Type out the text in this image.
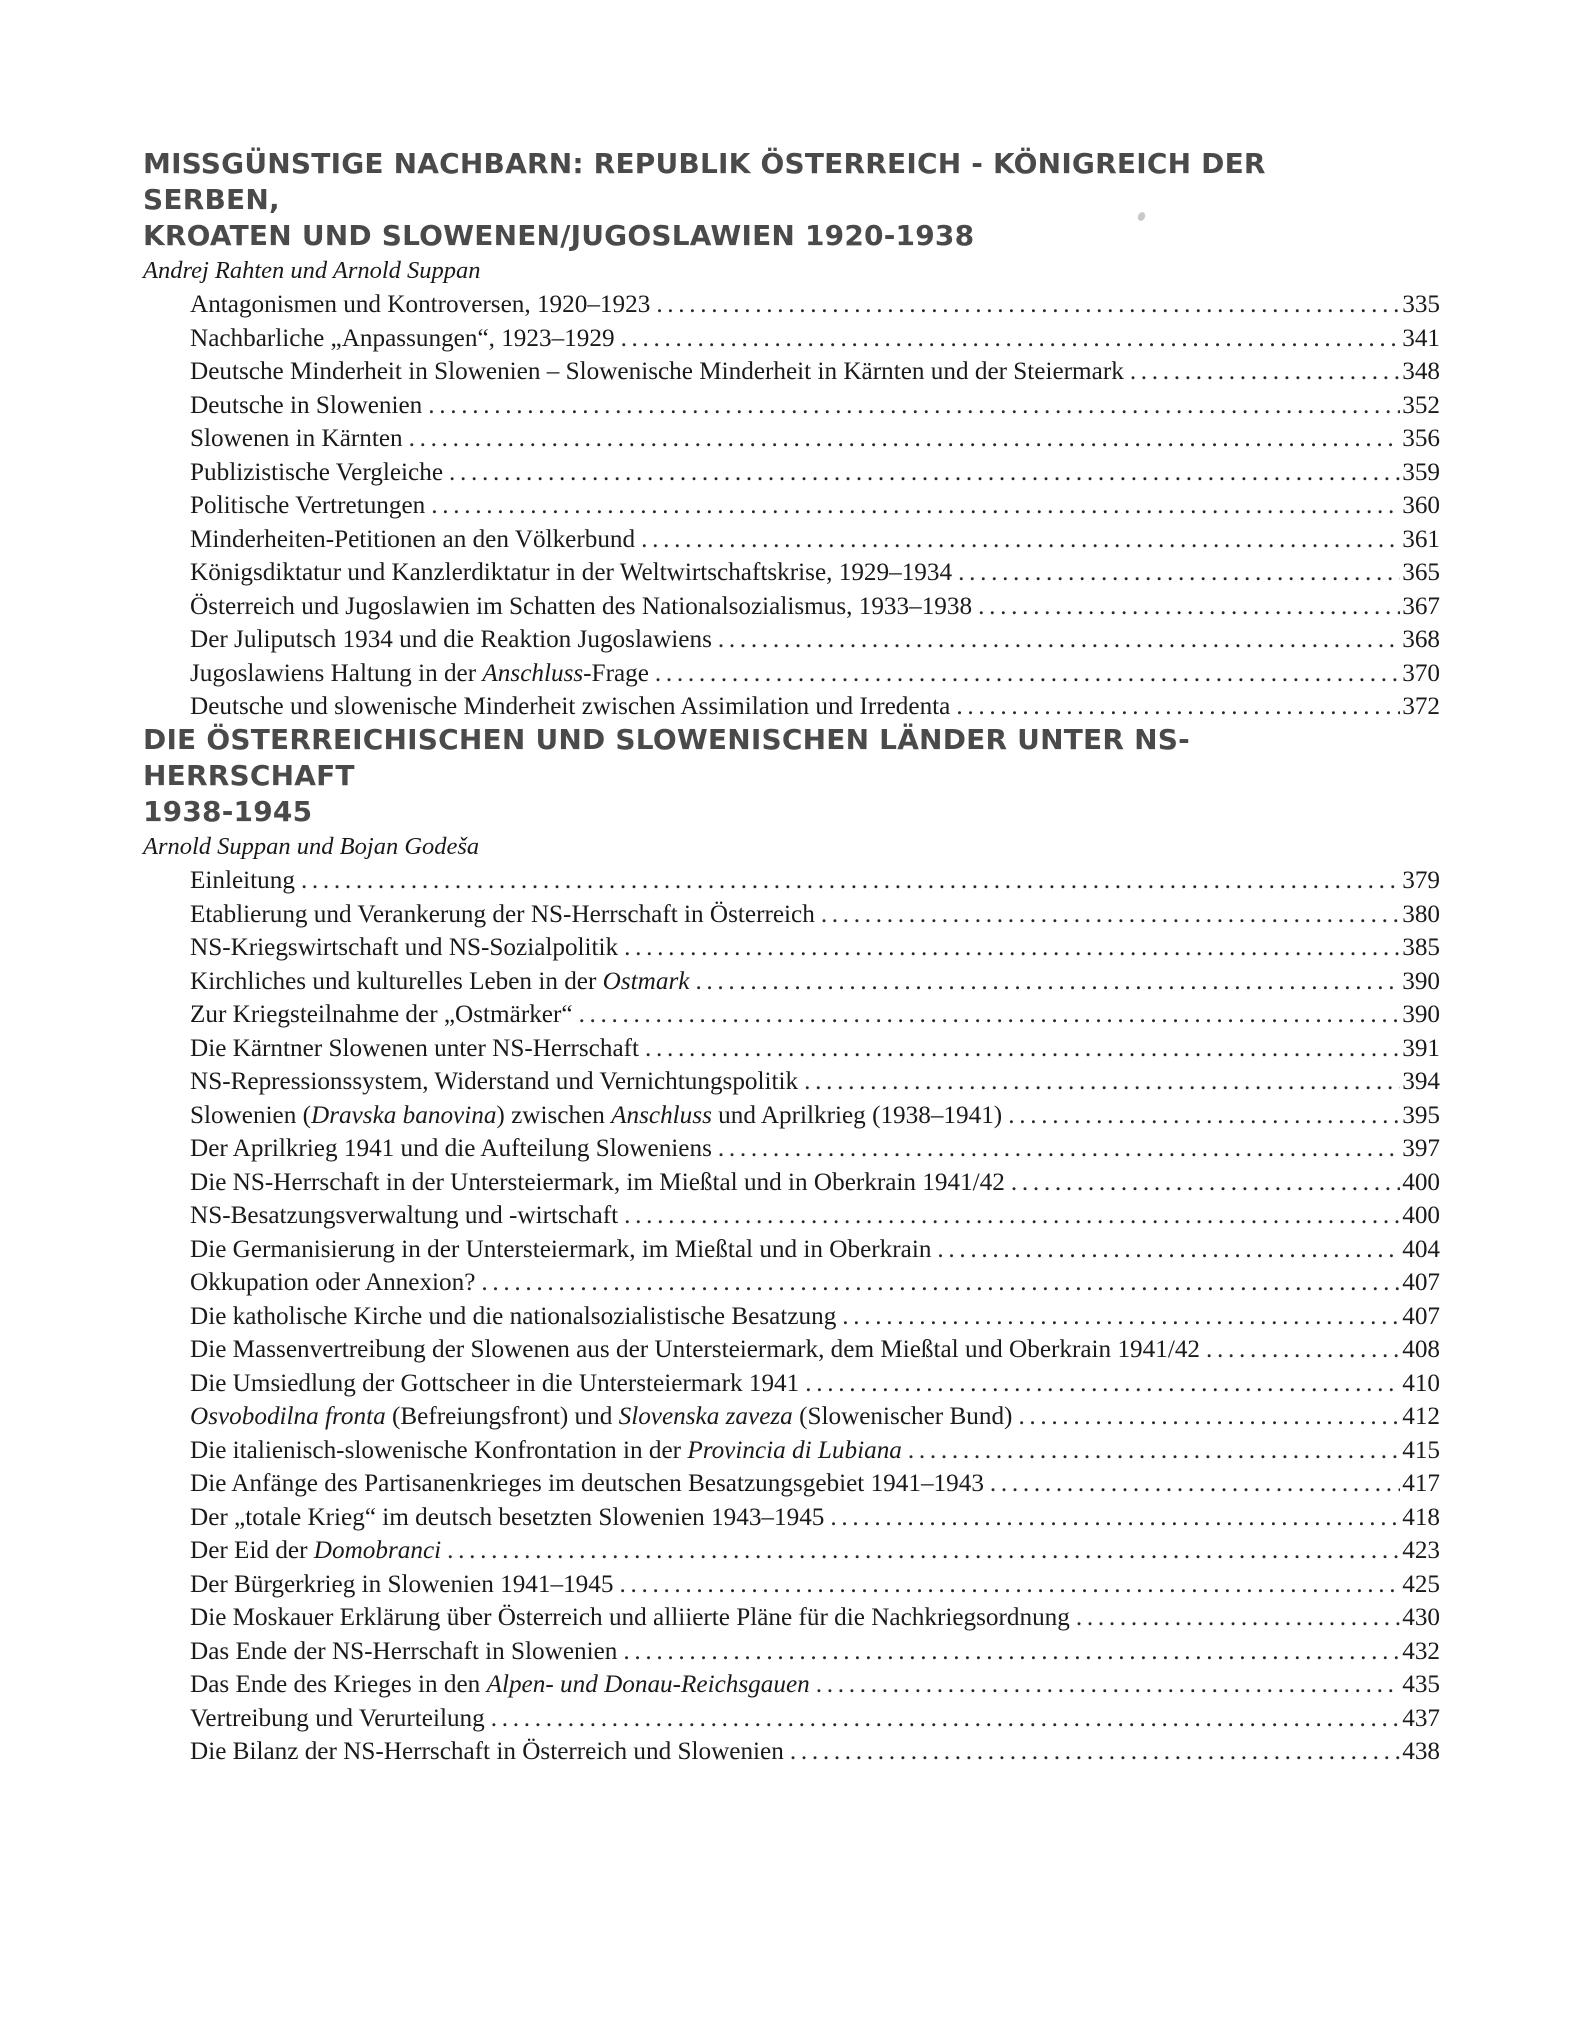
MISSGÜNSTIGE NACHBARN: REPUBLIK ÖSTERREICH - KÖNIGREICH DER SERBEN,
KROATEN UND SLOWENEN/JUGOSLAWIEN 1920-1938

Andrej Rahten und Arnold Suppan

Antagonismen und Kontroversen, 1920–1923 .....	335
Nachbarliche „Anpassungen“, 1923–1929 .....	341
Deutsche Minderheit in Slowenien – Slowenische Minderheit in Kärnten und der Steiermark .....	348
Deutsche in Slowenien .....	352
Slowenen in Kärnten .....	356
Publizistische Vergleiche .....	359
Politische Vertretungen .....	360
Minderheiten-Petitionen an den Völkerbund .....	361
Königsdiktatur und Kanzlerdiktatur in der Weltwirtschaftskrise, 1929–1934 .....	365
Österreich und Jugoslawien im Schatten des Nationalsozialismus, 1933–1938 .....	367
Der Juliputsch 1934 und die Reaktion Jugoslawiens .....	368
Jugoslawiens Haltung in der Anschluss-Frage .....	370
Deutsche und slowenische Minderheit zwischen Assimilation und Irredenta .....	372
DIE ÖSTERREICHISCHEN UND SLOWENISCHEN LÄNDER UNTER NS-HERRSCHAFT
1938-1945

Arnold Suppan und Bojan Godeša

Einleitung .....	379
Etablierung und Verankerung der NS-Herrschaft in Österreich .....	380
NS-Kriegswirtschaft und NS-Sozialpolitik .....	385
Kirchliches und kulturelles Leben in der Ostmark .....	390
Zur Kriegsteilnahme der „Ostmärker“ .....	390
Die Kärntner Slowenen unter NS-Herrschaft .....	391
NS-Repressionssystem, Widerstand und Vernichtungspolitik .....	394
Slowenien (Dravska banovina) zwischen Anschluss und Aprilkrieg (1938–1941) .....	395
Der Aprilkrieg 1941 und die Aufteilung Sloweniens .....	397
Die NS-Herrschaft in der Untersteiermark, im Mießtal und in Oberkrain 1941/42 .....	400
NS-Besatzungsverwaltung und -wirtschaft .....	400
Die Germanisierung in der Untersteiermark, im Mießtal und in Oberkrain .....	404
Okkupation oder Annexion? .....	407
Die katholische Kirche und die nationalsozialistische Besatzung .....	407
Die Massenvertreibung der Slowenen aus der Untersteiermark, dem Mießtal und Oberkrain 1941/42 .....	408
Die Umsiedlung der Gottscheer in die Untersteiermark 1941 .....	410
Osvobodilna fronta (Befreiungsfront) und Slovenska zaveza (Slowenischer Bund) .....	412
Die italienisch-slowenische Konfrontation in der Provincia di Lubiana .....	415
Die Anfänge des Partisanenkrieges im deutschen Besatzungsgebiet 1941–1943 .....	417
Der „totale Krieg“ im deutsch besetzten Slowenien 1943–1945 .....	418
Der Eid der Domobranci .....	423
Der Bürgerkrieg in Slowenien 1941–1945 .....	425
Die Moskauer Erklärung über Österreich und alliierte Pläne für die Nachkriegsordnung .....	430
Das Ende der NS-Herrschaft in Slowenien .....	432
Das Ende des Krieges in den Alpen- und Donau-Reichsgauen .....	435
Vertreibung und Verurteilung .....	437
Die Bilanz der NS-Herrschaft in Österreich und Slowenien .....	438
